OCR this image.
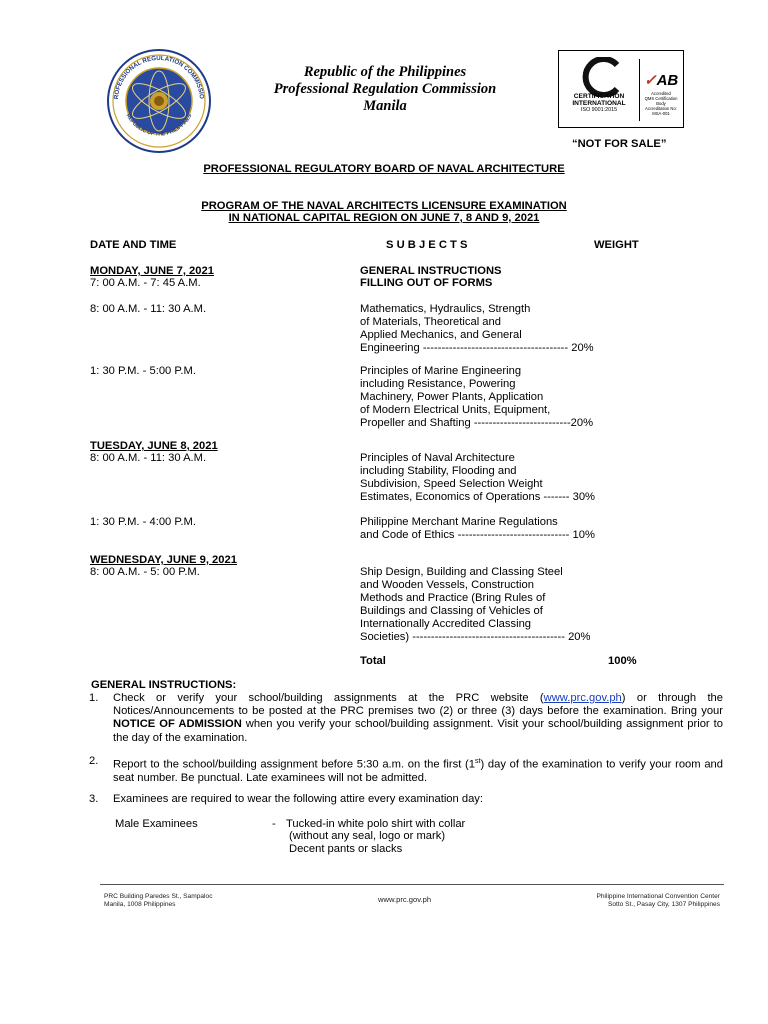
ROFESSIONAL REGULATION COMMISSIO
REPUBLIC OF THE PHILIPPINES
Republic of the Philippines
Professional Regulation Commission
Manila
CERTIFICATION
INTERNATIONAL
ISO 9001:2015
✓AB
Accredited
QMS Certification Body
Accreditation No:
MSA-001
“NOT FOR SALE”
PROFESSIONAL REGULATORY BOARD OF NAVAL ARCHITECTURE
PROGRAM OF THE NAVAL ARCHITECTS LICENSURE EXAMINATION
IN NATIONAL CAPITAL REGION ON JUNE 7, 8 AND 9, 2021
DATE AND TIME	S U B J E C T S	WEIGHT
MONDAY, JUNE 7, 2021
7: 00 A.M. - 7: 45 A.M.
GENERAL INSTRUCTIONS
FILLING OUT OF FORMS
8: 00 A.M. - 11: 30 A.M.	Mathematics, Hydraulics, Strength
of Materials, Theoretical and
Applied Mechanics, and General
Engineering --------------------------------------- 20%
1: 30 P.M. - 5:00 P.M.	Principles of Marine Engineering
including Resistance, Powering
Machinery, Power Plants, Application
of Modern Electrical Units, Equipment,
Propeller and Shafting --------------------------20%
TUESDAY, JUNE 8, 2021
8: 00 A.M. - 11: 30 A.M.	Principles of Naval Architecture
including Stability, Flooding and
Subdivision, Speed Selection Weight
Estimates, Economics of Operations ------- 30%
1: 30 P.M. - 4:00 P.M.	Philippine Merchant Marine Regulations
and Code of Ethics ------------------------------ 10%
WEDNESDAY, JUNE 9, 2021
8: 00 A.M. - 5: 00 P.M.	Ship Design, Building and Classing Steel
and Wooden Vessels, Construction
Methods and Practice (Bring Rules of
Buildings and Classing of Vehicles of
Internationally Accredited Classing
Societies) ----------------------------------------- 20%
Total	100%
GENERAL INSTRUCTIONS:
1. Check or verify your school/building assignments at the PRC website (www.prc.gov.ph) or through the Notices/Announcements to be posted at the PRC premises two (2) or three (3) days before the examination. Bring your NOTICE OF ADMISSION when you verify your school/building assignment. Visit your school/building assignment prior to the day of the examination.
2. Report to the school/building assignment before 5:30 a.m. on the first (1st) day of the examination to verify your room and seat number. Be punctual. Late examinees will not be admitted.
3. Examinees are required to wear the following attire every examination day:
Male Examinees	- Tucked-in white polo shirt with collar
(without any seal, logo or mark)
Decent pants or slacks
PRC Building Paredes St., Sampaloc
Manila, 1008 Philippines
www.prc.gov.ph	Philippine International Convention Center
Sotto St., Pasay City, 1307 Philippines
